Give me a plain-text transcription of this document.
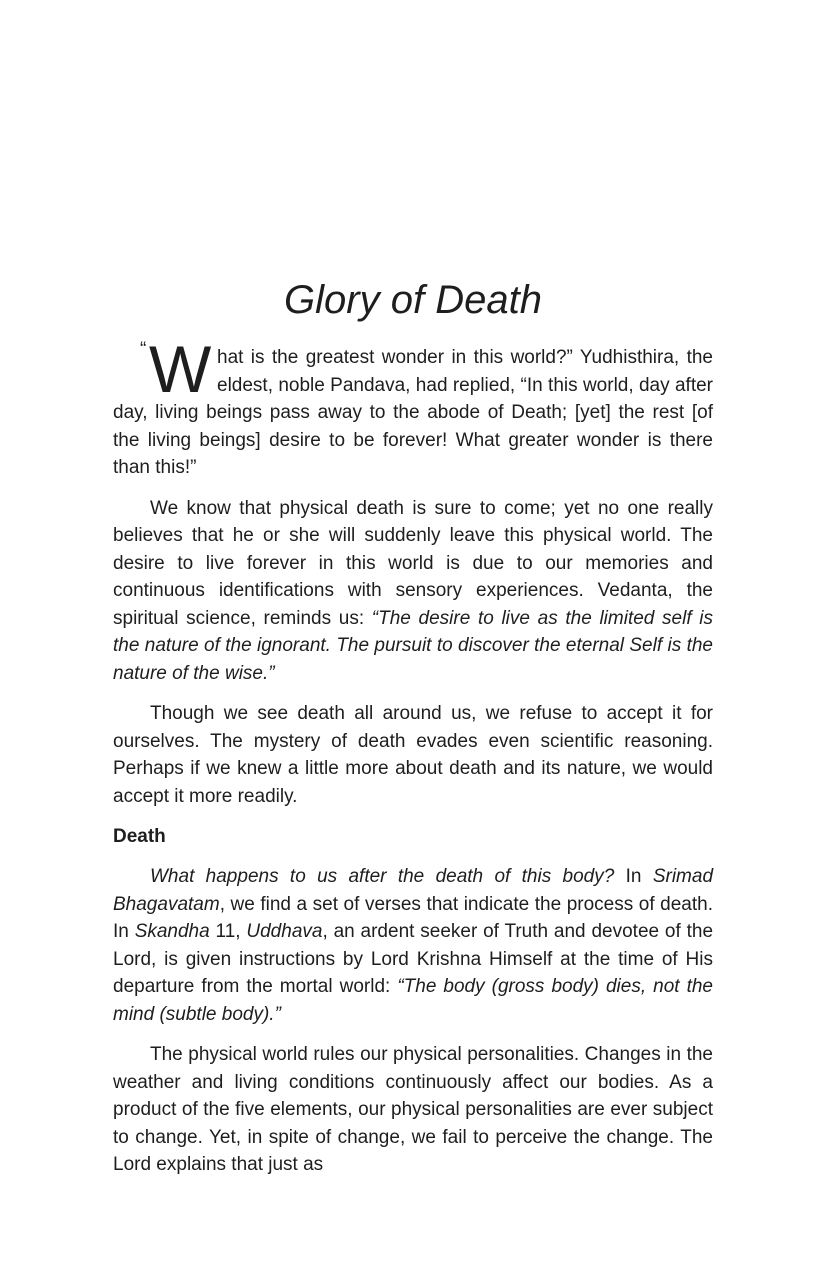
Glory of Death

“ W hat is the greatest wonder in this world?” Yudhisthira, the eldest, noble Pandava, had replied, “In this world, day after day, living beings pass away to the abode of Death; [yet] the rest [of the living beings] desire to be forever! What greater wonder is there than this!”

We know that physical death is sure to come; yet no one really believes that he or she will suddenly leave this physical world. The desire to live forever in this world is due to our memories and continuous identifications with sensory experiences. Vedanta, the spiritual science, reminds us: “The desire to live as the limited self is the nature of the ignorant. The pursuit to discover the eternal Self is the nature of the wise.”

Though we see death all around us, we refuse to accept it for ourselves. The mystery of death evades even scientific reasoning. Perhaps if we knew a little more about death and its nature, we would accept it more readily.

Death

What happens to us after the death of this body? In Srimad Bhagavatam, we find a set of verses that indicate the process of death. In Skandha 11, Uddhava, an ardent seeker of Truth and devotee of the Lord, is given instructions by Lord Krishna Himself at the time of His departure from the mortal world: “The body (gross body) dies, not the mind (subtle body).”

The physical world rules our physical personalities. Changes in the weather and living conditions continuously affect our bodies. As a product of the five elements, our physical personalities are ever subject to change. Yet, in spite of change, we fail to perceive the change. The Lord explains that just as
